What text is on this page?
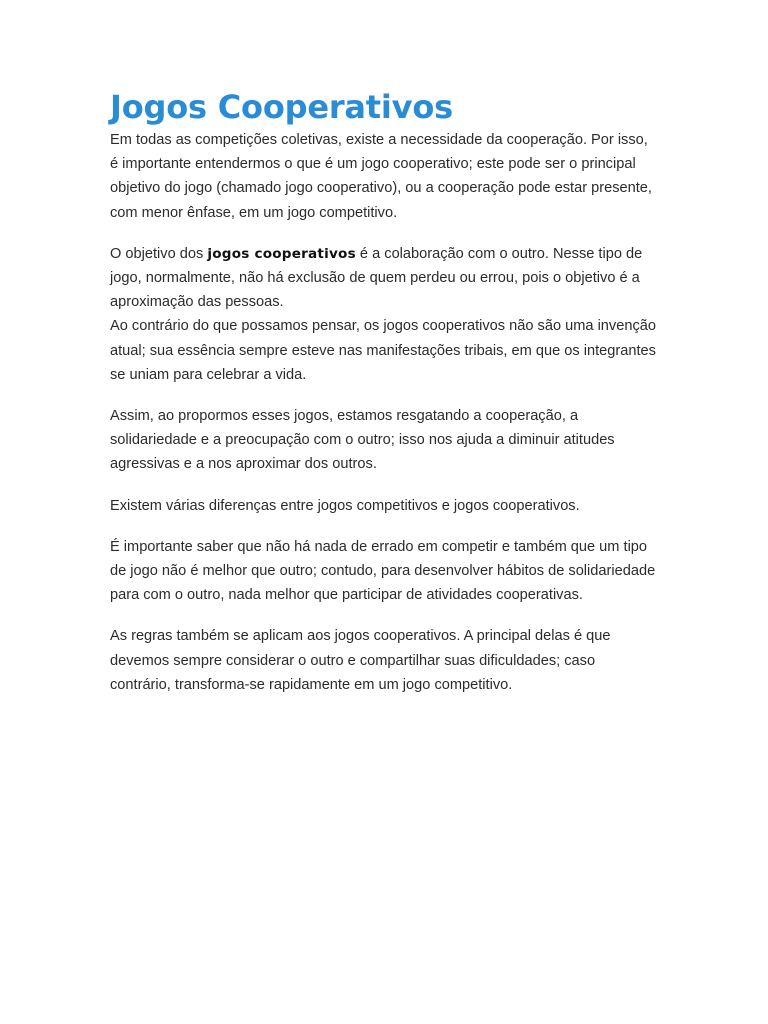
Jogos Cooperativos

Em todas as competições coletivas, existe a necessidade da cooperação. Por isso, é importante entendermos o que é um jogo cooperativo; este pode ser o principal objetivo do jogo (chamado jogo cooperativo), ou a cooperação pode estar presente, com menor ênfase, em um jogo competitivo.

O objetivo dos jogos cooperativos é a colaboração com o outro. Nesse tipo de jogo, normalmente, não há exclusão de quem perdeu ou errou, pois o objetivo é a aproximação das pessoas.

Ao contrário do que possamos pensar, os jogos cooperativos não são uma invenção atual; sua essência sempre esteve nas manifestações tribais, em que os integrantes se uniam para celebrar a vida.

Assim, ao propormos esses jogos, estamos resgatando a cooperação, a solidariedade e a preocupação com o outro; isso nos ajuda a diminuir atitudes agressivas e a nos aproximar dos outros.

Existem várias diferenças entre jogos competitivos e jogos cooperativos.

É importante saber que não há nada de errado em competir e também que um tipo de jogo não é melhor que outro; contudo, para desenvolver hábitos de solidariedade para com o outro, nada melhor que participar de atividades cooperativas.

As regras também se aplicam aos jogos cooperativos. A principal delas é que devemos sempre considerar o outro e compartilhar suas dificuldades; caso contrário, transforma-se rapidamente em um jogo competitivo.
